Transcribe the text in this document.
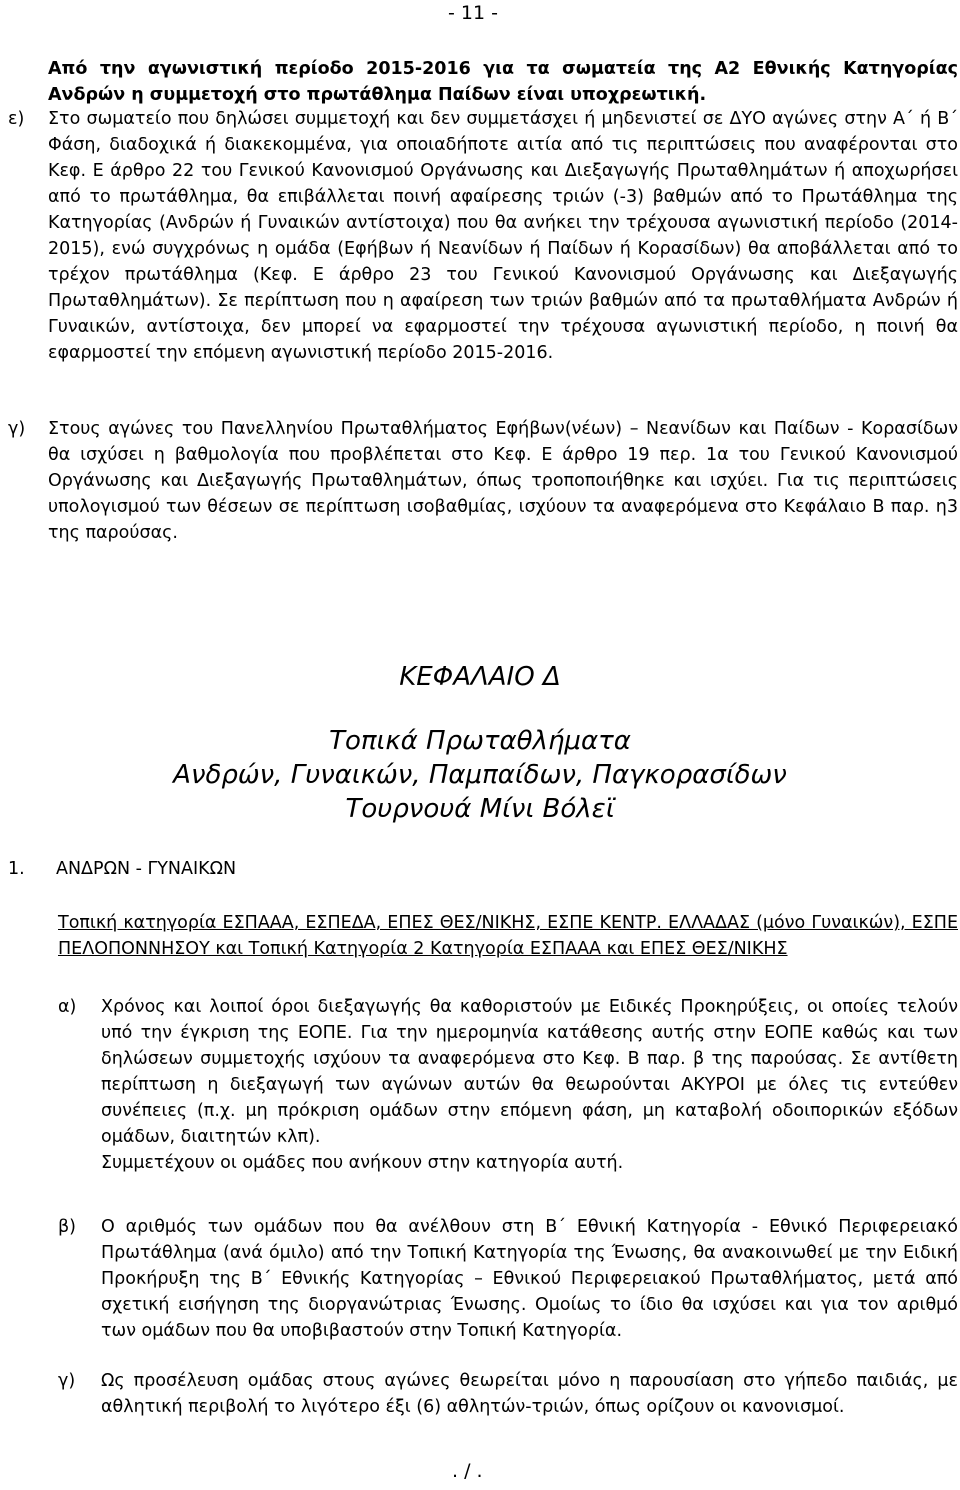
- 11 -
Από την αγωνιστική περίοδο 2015-2016 για τα σωματεία της Α2 Εθνικής Κατηγορίας Ανδρών η συμμετοχή στο πρωτάθλημα Παίδων είναι υποχρεωτική.
ε) Στο σωματείο που δηλώσει συμμετοχή και δεν συμμετάσχει ή μηδενιστεί σε ΔΥΟ αγώνες στην Α΄ ή Β΄ Φάση, διαδοχικά ή διακεκομμένα, για οποιαδήποτε αιτία από τις περιπτώσεις που αναφέρονται στο Κεφ. Ε άρθρο 22 του Γενικού Κανονισμού Οργάνωσης και Διεξαγωγής Πρωταθλημάτων ή αποχωρήσει από το πρωτάθλημα, θα επιβάλλεται ποινή αφαίρεσης τριών (-3) βαθμών από το Πρωτάθλημα της Κατηγορίας (Ανδρών ή Γυναικών αντίστοιχα) που θα ανήκει την τρέχουσα αγωνιστική περίοδο (2014-2015), ενώ συγχρόνως η ομάδα (Εφήβων ή Νεανίδων ή Παίδων ή Κορασίδων) θα αποβάλλεται από το τρέχον πρωτάθλημα (Κεφ. Ε άρθρο 23 του Γενικού Κανονισμού Οργάνωσης και Διεξαγωγής Πρωταθλημάτων). Σε περίπτωση που η αφαίρεση των τριών βαθμών από τα πρωταθλήματα Ανδρών ή Γυναικών, αντίστοιχα, δεν μπορεί να εφαρμοστεί την τρέχουσα αγωνιστική περίοδο, η ποινή θα εφαρμοστεί την επόμενη αγωνιστική περίοδο 2015-2016.
γ) Στους αγώνες του Πανελληνίου Πρωταθλήματος Εφήβων(νέων) – Νεανίδων και Παίδων - Κορασίδων θα ισχύσει η βαθμολογία που προβλέπεται στο Κεφ. Ε άρθρο 19 περ. 1α του Γενικού Κανονισμού Οργάνωσης και Διεξαγωγής Πρωταθλημάτων, όπως τροποποιήθηκε και ισχύει. Για τις περιπτώσεις υπολογισμού των θέσεων σε περίπτωση ισοβαθμίας, ισχύουν τα αναφερόμενα στο Κεφάλαιο Β παρ. η3 της παρούσας.
ΚΕΦΑΛΑΙΟ Δ
Τοπικά Πρωταθλήματα
Ανδρών, Γυναικών, Παμπαίδων, Παγκορασίδων
Τουρνουά Μίνι Βόλεϊ
1. ΑΝΔΡΩΝ - ΓΥΝΑΙΚΩΝ
Τοπική κατηγορία ΕΣΠΑΑΑ, ΕΣΠΕΔΑ, ΕΠΕΣ ΘΕΣ/ΝΙΚΗΣ, ΕΣΠΕ ΚΕΝΤΡ. ΕΛΛΑΔΑΣ (μόνο Γυναικών), ΕΣΠΕ ΠΕΛΟΠΟΝΝΗΣΟΥ και Τοπική Κατηγορία 2 Κατηγορία ΕΣΠΑΑΑ και ΕΠΕΣ ΘΕΣ/ΝΙΚΗΣ
α) Χρόνος και λοιποί όροι διεξαγωγής θα καθοριστούν με Ειδικές Προκηρύξεις, οι οποίες τελούν υπό την έγκριση της ΕΟΠΕ. Για την ημερομηνία κατάθεσης αυτής στην ΕΟΠΕ καθώς και των δηλώσεων συμμετοχής ισχύουν τα αναφερόμενα στο Κεφ. Β παρ. β της παρούσας. Σε αντίθετη περίπτωση η διεξαγωγή των αγώνων αυτών θα θεωρούνται ΑΚΥΡΟΙ με όλες τις εντεύθεν συνέπειες (π.χ. μη πρόκριση ομάδων στην επόμενη φάση, μη καταβολή οδοιπορικών εξόδων ομάδων, διαιτητών κλπ).
Συμμετέχουν οι ομάδες που ανήκουν στην κατηγορία αυτή.
β) Ο αριθμός των ομάδων που θα ανέλθουν στη Β΄ Εθνική Κατηγορία - Εθνικό Περιφερειακό Πρωτάθλημα (ανά όμιλο) από την Τοπική Κατηγορία της Ένωσης, θα ανακοινωθεί με την Ειδική Προκήρυξη της Β΄ Εθνικής Κατηγορίας – Εθνικού Περιφερειακού Πρωταθλήματος, μετά από σχετική εισήγηση της διοργανώτριας Ένωσης. Ομοίως το ίδιο θα ισχύσει και για τον αριθμό των ομάδων που θα υποβιβαστούν στην Τοπική Κατηγορία.
γ) Ως προσέλευση ομάδας στους αγώνες θεωρείται μόνο η παρουσίαση στο γήπεδο παιδιάς, με αθλητική περιβολή το λιγότερο έξι (6) αθλητών-τριών, όπως ορίζουν οι κανονισμοί.
. / .
